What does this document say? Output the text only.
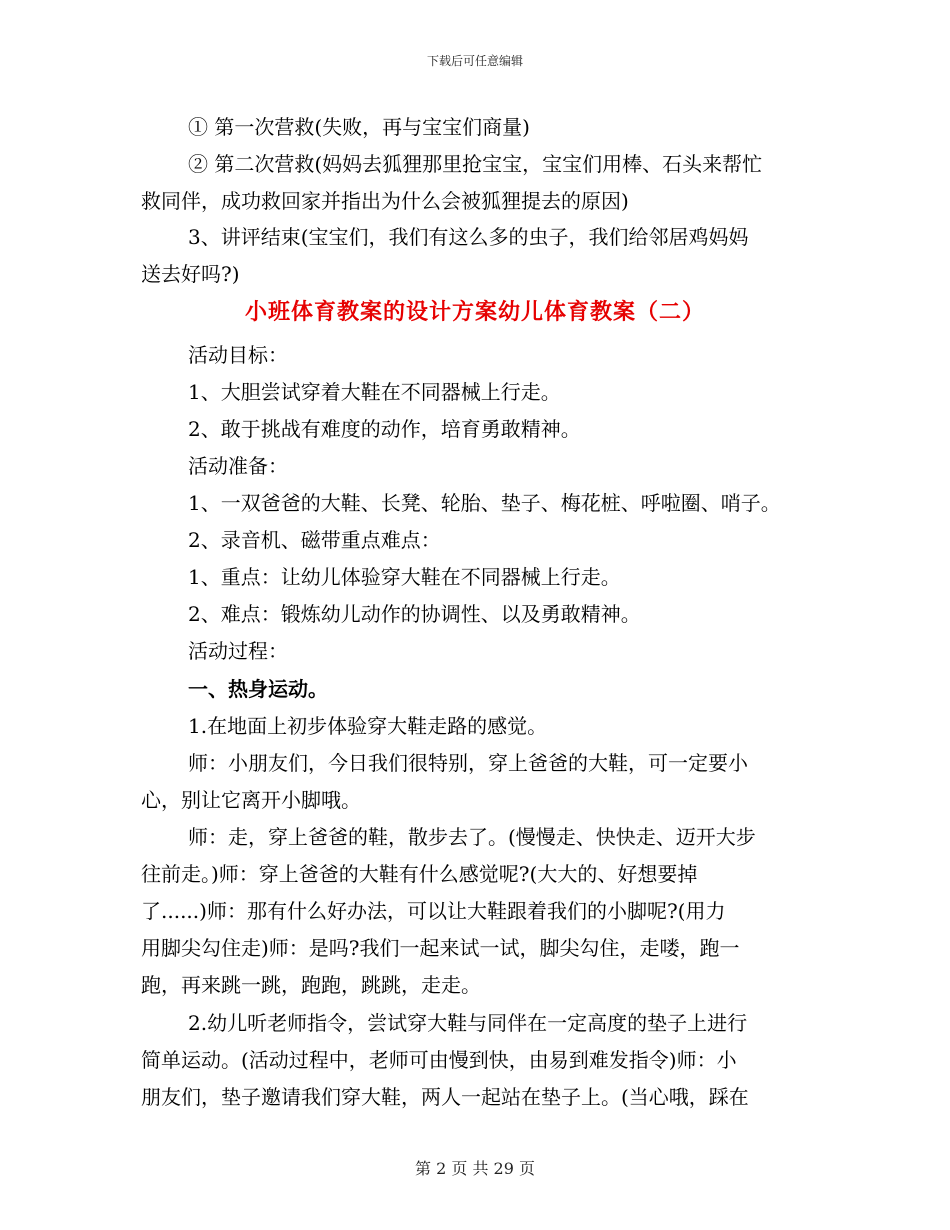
下载后可任意编辑
① 第一次营救(失败，再与宝宝们商量)
② 第二次营救(妈妈去狐狸那里抢宝宝，宝宝们用棒、石头来帮忙
救同伴，成功救回家并指出为什么会被狐狸提去的原因)
3、讲评结束(宝宝们，我们有这么多的虫子，我们给邻居鸡妈妈
送去好吗?)
小班体育教案的设计方案幼儿体育教案（二）
活动目标：
1、大胆尝试穿着大鞋在不同器械上行走。
2、敢于挑战有难度的动作，培育勇敢精神。
活动准备：
1、一双爸爸的大鞋、长凳、轮胎、垫子、梅花桩、呼啦圈、哨子。
2、录音机、磁带重点难点：
1、重点：让幼儿体验穿大鞋在不同器械上行走。
2、难点：锻炼幼儿动作的协调性、以及勇敢精神。
活动过程：
一、热身运动。
1.在地面上初步体验穿大鞋走路的感觉。
师：小朋友们，今日我们很特别，穿上爸爸的大鞋，可一定要小
心，别让它离开小脚哦。
师：走，穿上爸爸的鞋，散步去了。(慢慢走、快快走、迈开大步
往前走。)师：穿上爸爸的大鞋有什么感觉呢?(大大的、好想要掉
了......)师：那有什么好办法，可以让大鞋跟着我们的小脚呢?(用力
用脚尖勾住走)师：是吗?我们一起来试一试，脚尖勾住，走喽，跑一
跑，再来跳一跳，跑跑，跳跳，走走。
2.幼儿听老师指令，尝试穿大鞋与同伴在一定高度的垫子上进行
简单运动。(活动过程中，老师可由慢到快，由易到难发指令)师：小
朋友们，垫子邀请我们穿大鞋，两人一起站在垫子上。(当心哦，踩在
第 2 页 共 29 页
